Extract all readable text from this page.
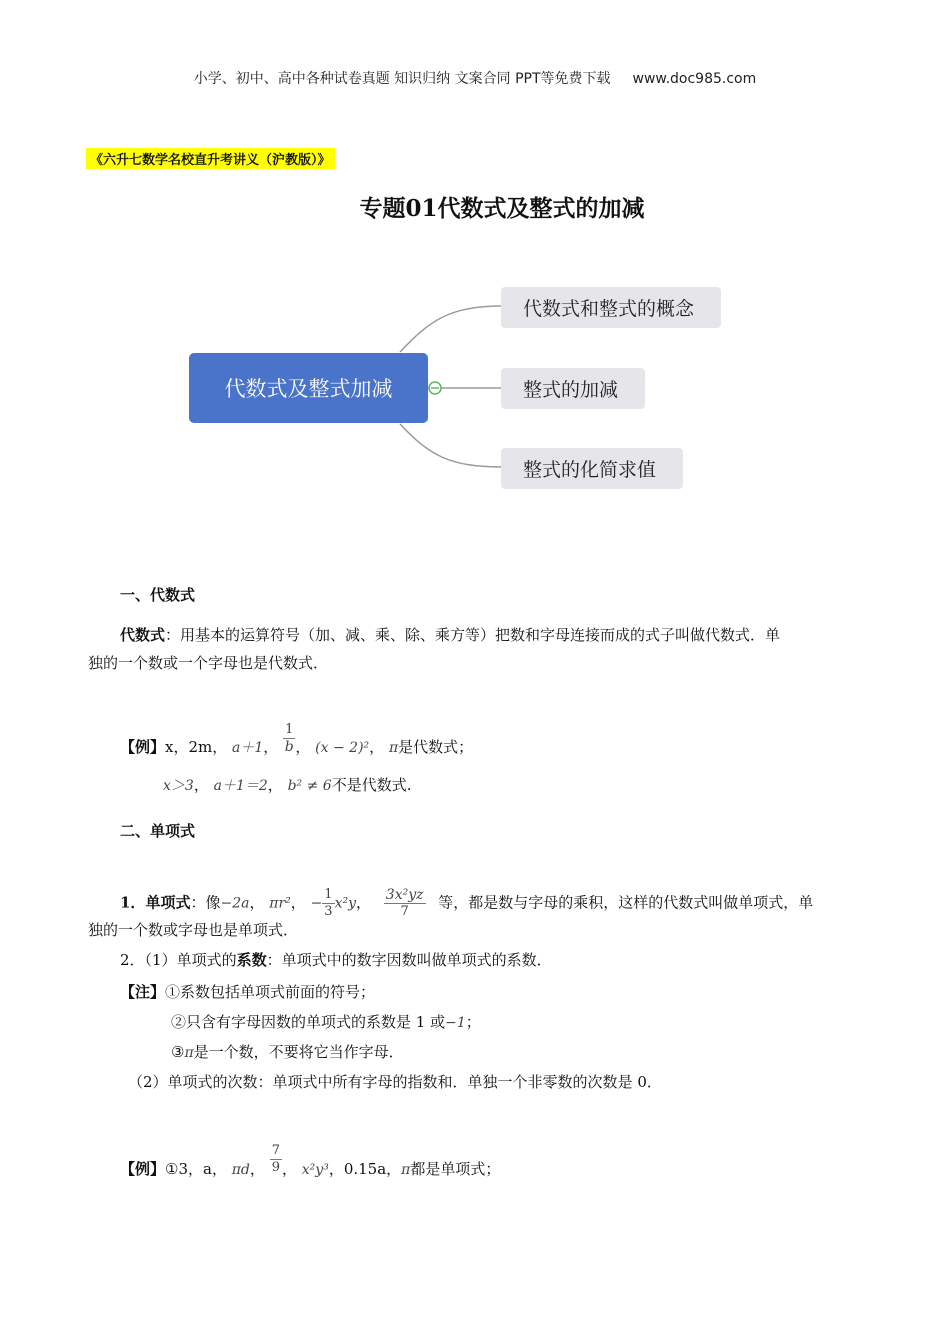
小学、初中、高中各种试卷真题 知识归纳 文案合同 PPT等免费下载 www.doc985.com
《六升七数学名校直升考讲义（沪教版）》
专题01代数式及整式的加减
代数式及整式加减
代数式和整式的概念
整式的加减
整式的化简求值
一、代数式
代数式：用基本的运算符号（加、减、乘、除、乘方等）把数和字母连接而成的式子叫做代数式．单
独的一个数或一个字母也是代数式．
【例】x，2m， a＋1， $\frac{1}{b}$ ， (x − 2)²， π是代数式；
x＞3， a＋1＝2， b² ≠ 6不是代数式.
二、单项式
1．单项式：像−2a， πr²， − $\frac{1}{3} x^2y$， $\frac{\text{3x²yz}}{7}$ 等，都是数与字母的乘积，这样的代数式叫做单项式，单
独的一个数或字母也是单项式．
2．（1）单项式的系数：单项式中的数字因数叫做单项式的系数．
【注】①系数包括单项式前面的符号；
②只含有字母因数的单项式的系数是 1 或−1；
③π是一个数，不要将它当作字母．
（2）单项式的次数：单项式中所有字母的指数和．单独一个非零数的次数是 0．
【例】①3，a， πd， $\frac{7}{9}$ ， x²y³，0.15a，π都是单项式；
